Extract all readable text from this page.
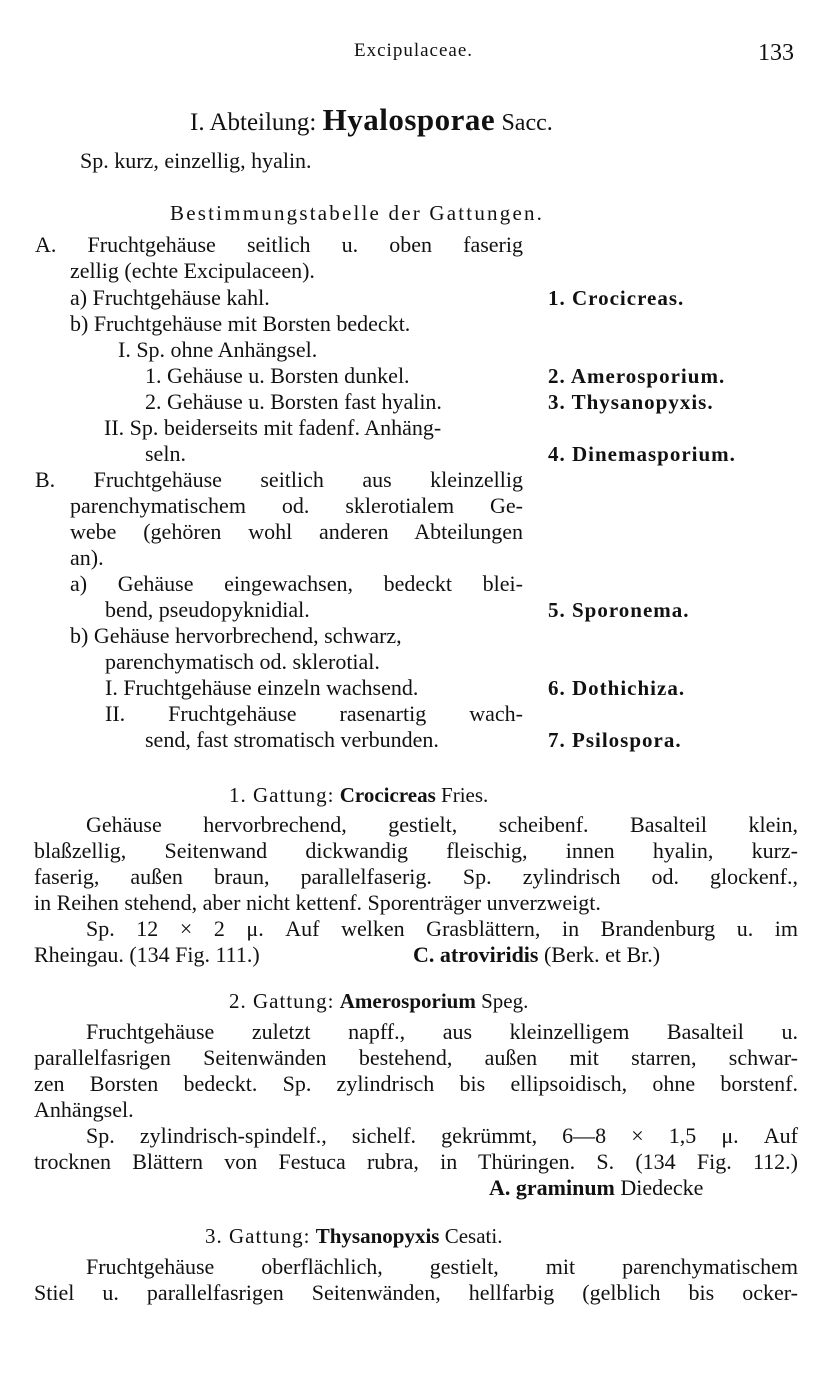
Excipulaceae.	133
I. Abteilung: Hyalosporae Sacc.
Sp. kurz, einzellig, hyalin.
Bestimmungstabelle der Gattungen.
A. Fruchtgehäuse seitlich u. oben faserig
zellig (echte Excipulaceen).
a) Fruchtgehäuse kahl.	1. Crocicreas.
b) Fruchtgehäuse mit Borsten bedeckt.
I. Sp. ohne Anhängsel.
1. Gehäuse u. Borsten dunkel.	2. Amerosporium.
2. Gehäuse u. Borsten fast hyalin.	3. Thysanopyxis.
II. Sp. beiderseits mit fadenf. Anhäng-
seln.	4. Dinemasporium.
B. Fruchtgehäuse seitlich aus kleinzellig
parenchymatischem od. sklerotialem Ge-
webe (gehören wohl anderen Abteilungen
an).
a) Gehäuse eingewachsen, bedeckt blei-
bend, pseudopyknidial.	5. Sporonema.
b) Gehäuse hervorbrechend, schwarz,
parenchymatisch od. sklerotial.
I. Fruchtgehäuse einzeln wachsend.	6. Dothichiza.
II. Fruchtgehäuse rasenartig wach-
send, fast stromatisch verbunden.	7. Psilospora.
1. Gattung: Crocicreas Fries.
Gehäuse hervorbrechend, gestielt, scheibenf. Basalteil klein,
blaßzellig, Seitenwand dickwandig fleischig, innen hyalin, kurz-
faserig, außen braun, parallelfaserig. Sp. zylindrisch od. glockenf.,
in Reihen stehend, aber nicht kettenf. Sporenträger unverzweigt.
Sp. 12 × 2 μ. Auf welken Grasblättern, in Brandenburg u. im
Rheingau. (134 Fig. 111.)	C. atroviridis (Berk. et Br.)
2. Gattung: Amerosporium Speg.
Fruchtgehäuse zuletzt napff., aus kleinzelligem Basalteil u.
parallelfasrigen Seitenwänden bestehend, außen mit starren, schwar-
zen Borsten bedeckt. Sp. zylindrisch bis ellipsoidisch, ohne borstenf.
Anhängsel.
Sp. zylindrisch-spindelf., sichelf. gekrümmt, 6—8 × 1,5 μ. Auf
trocknen Blättern von Festuca rubra, in Thüringen. S. (134 Fig. 112.)
A. graminum Diedecke
3. Gattung: Thysanopyxis Cesati.
Fruchtgehäuse oberflächlich, gestielt, mit parenchymatischem
Stiel u. parallelfasrigen Seitenwänden, hellfarbig (gelblich bis ocker-
